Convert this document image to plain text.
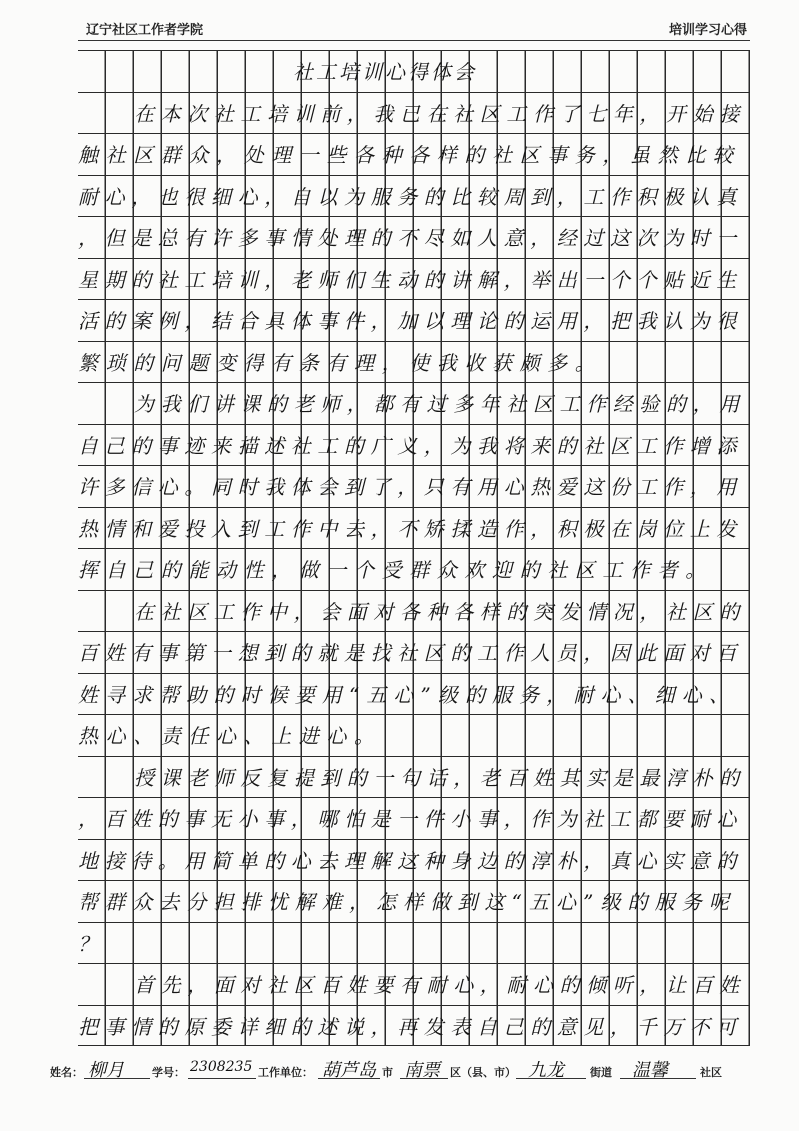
辽宁社区工作者学院	培训学习心得
社工培训心得体会
在本次社工培训前，我已在社区工作了七年，开始接
触社区群众，处理一些各种各样的社区事务，虽然比较
耐心，也很细心，自以为服务的比较周到，工作积极认真
，但是总有许多事情处理的不尽如人意，经过这次为时一
星期的社工培训，老师们生动的讲解，举出一个个贴近生
活的案例，结合具体事件，加以理论的运用，把我认为很
繁琐的问题变得有条有理，使我收获颇多。
为我们讲课的老师，都有过多年社区工作经验的，用
自己的事迹来描述社工的广义，为我将来的社区工作增添
许多信心。同时我体会到了，只有用心热爱这份工作，用
热情和爱投入到工作中去，不矫揉造作，积极在岗位上发
挥自己的能动性，做一个受群众欢迎的社区工作者。
在社区工作中，会面对各种各样的突发情况，社区的
百姓有事第一想到的就是找社区的工作人员，因此面对百
姓寻求帮助的时候要用“五心”级的服务，耐心、细心、
热心、责任心、上进心。
授课老师反复提到的一句话，老百姓其实是最淳朴的
，百姓的事无小事，哪怕是一件小事，作为社工都要耐心
地接待。用简单的心去理解这种身边的淳朴，真心实意的
帮群众去分担排忧解难，怎样做到这“五心”级的服务呢
？
首先，面对社区百姓要有耐心，耐心的倾听，让百姓
把事情的原委详细的述说，再发表自己的意见，千万不可
姓名： 柳月	学号： 2308235 工作单位： 葫芦岛 市 南票 区（县、市） 九龙 街道 温馨	社区
